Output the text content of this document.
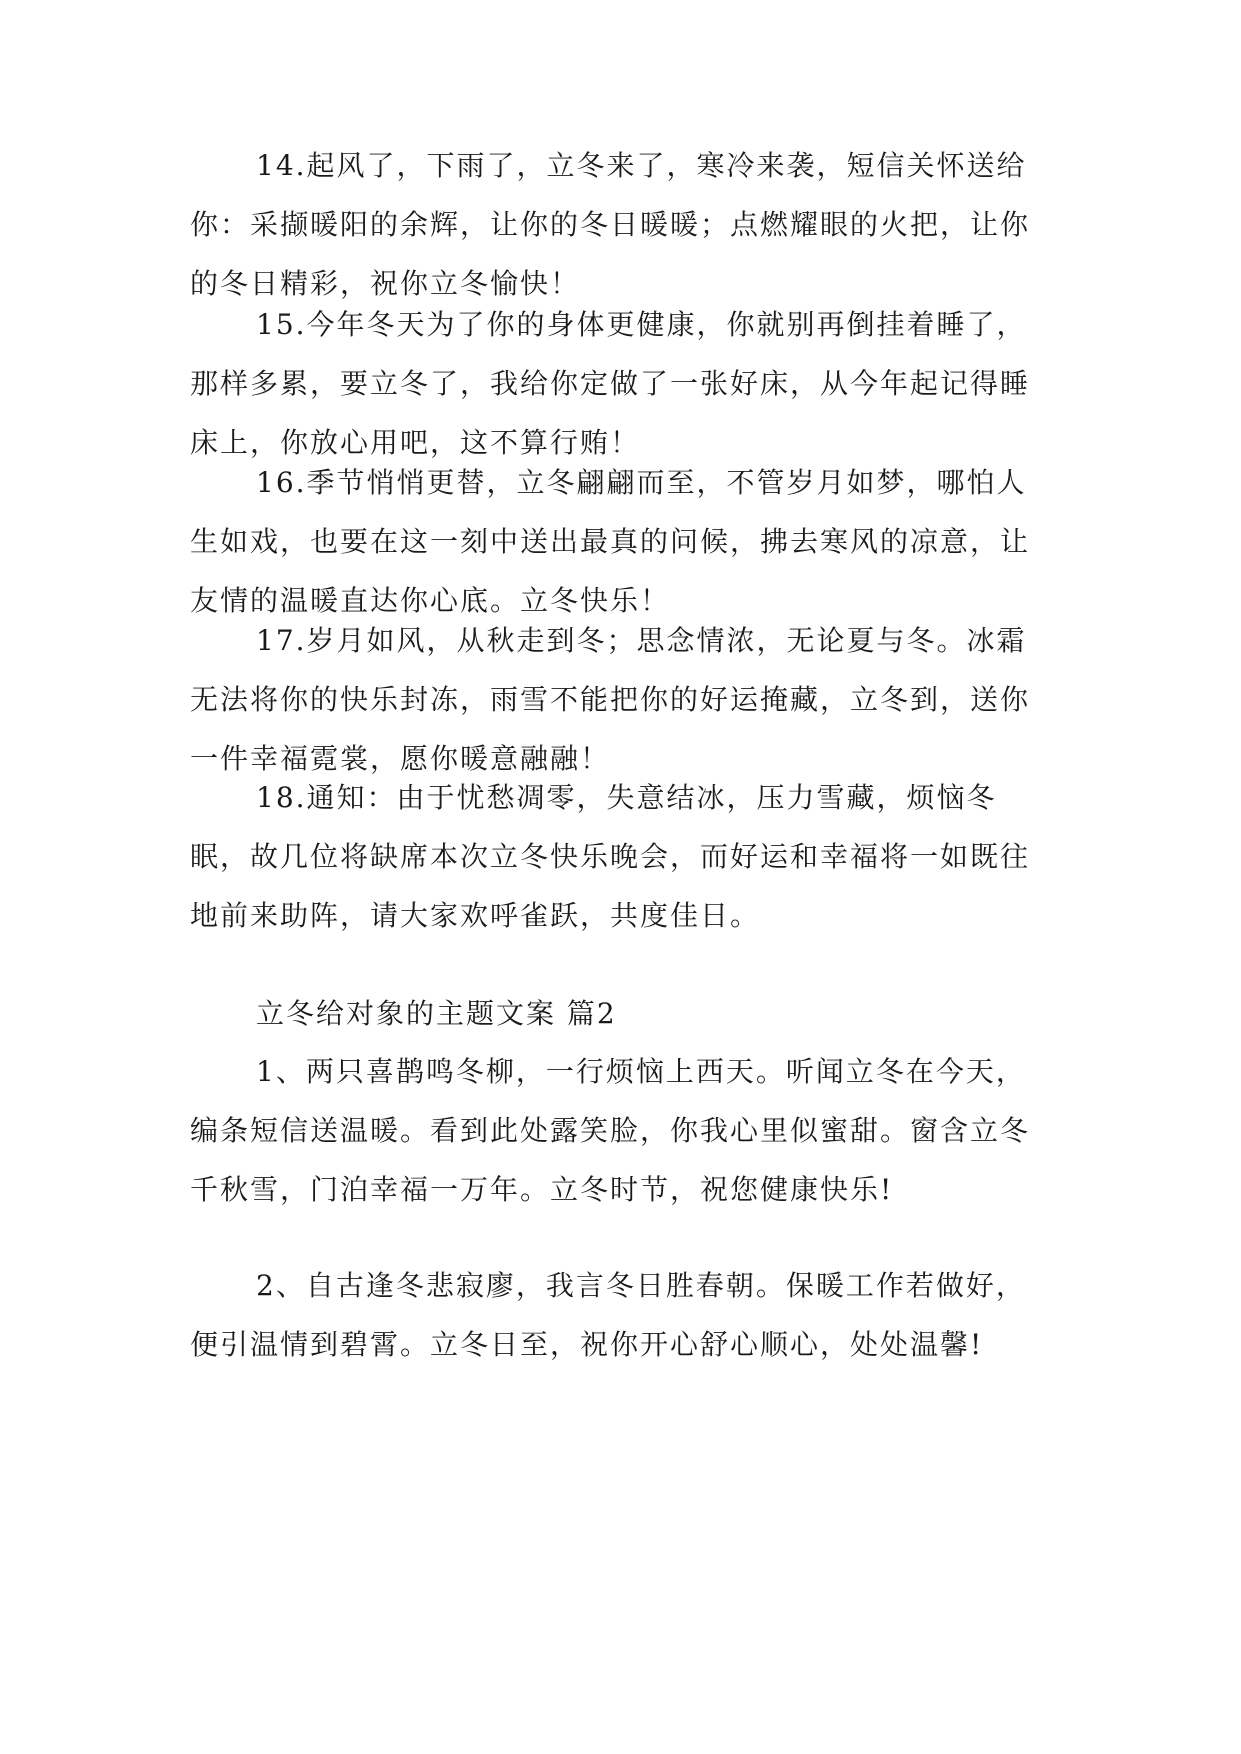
14.起风了，下雨了，立冬来了，寒冷来袭，短信关怀送给你：采撷暖阳的余辉，让你的冬日暖暖；点燃耀眼的火把，让你的冬日精彩，祝你立冬愉快！

15.今年冬天为了你的身体更健康，你就别再倒挂着睡了，那样多累，要立冬了，我给你定做了一张好床，从今年起记得睡床上，你放心用吧，这不算行贿！

16.季节悄悄更替，立冬翩翩而至，不管岁月如梦，哪怕人生如戏，也要在这一刻中送出最真的问候，拂去寒风的凉意，让友情的温暖直达你心底。立冬快乐！

17.岁月如风，从秋走到冬；思念情浓，无论夏与冬。冰霜无法将你的快乐封冻，雨雪不能把你的好运掩藏，立冬到，送你一件幸福霓裳，愿你暖意融融！

18.通知：由于忧愁凋零，失意结冰，压力雪藏，烦恼冬眠，故几位将缺席本次立冬快乐晚会，而好运和幸福将一如既往地前来助阵，请大家欢呼雀跃，共度佳日。

立冬给对象的主题文案 篇2

1、两只喜鹊鸣冬柳，一行烦恼上西天。听闻立冬在今天，编条短信送温暖。看到此处露笑脸，你我心里似蜜甜。窗含立冬千秋雪，门泊幸福一万年。立冬时节，祝您健康快乐!

2、自古逢冬悲寂廖，我言冬日胜春朝。保暖工作若做好，便引温情到碧霄。立冬日至，祝你开心舒心顺心，处处温馨!
